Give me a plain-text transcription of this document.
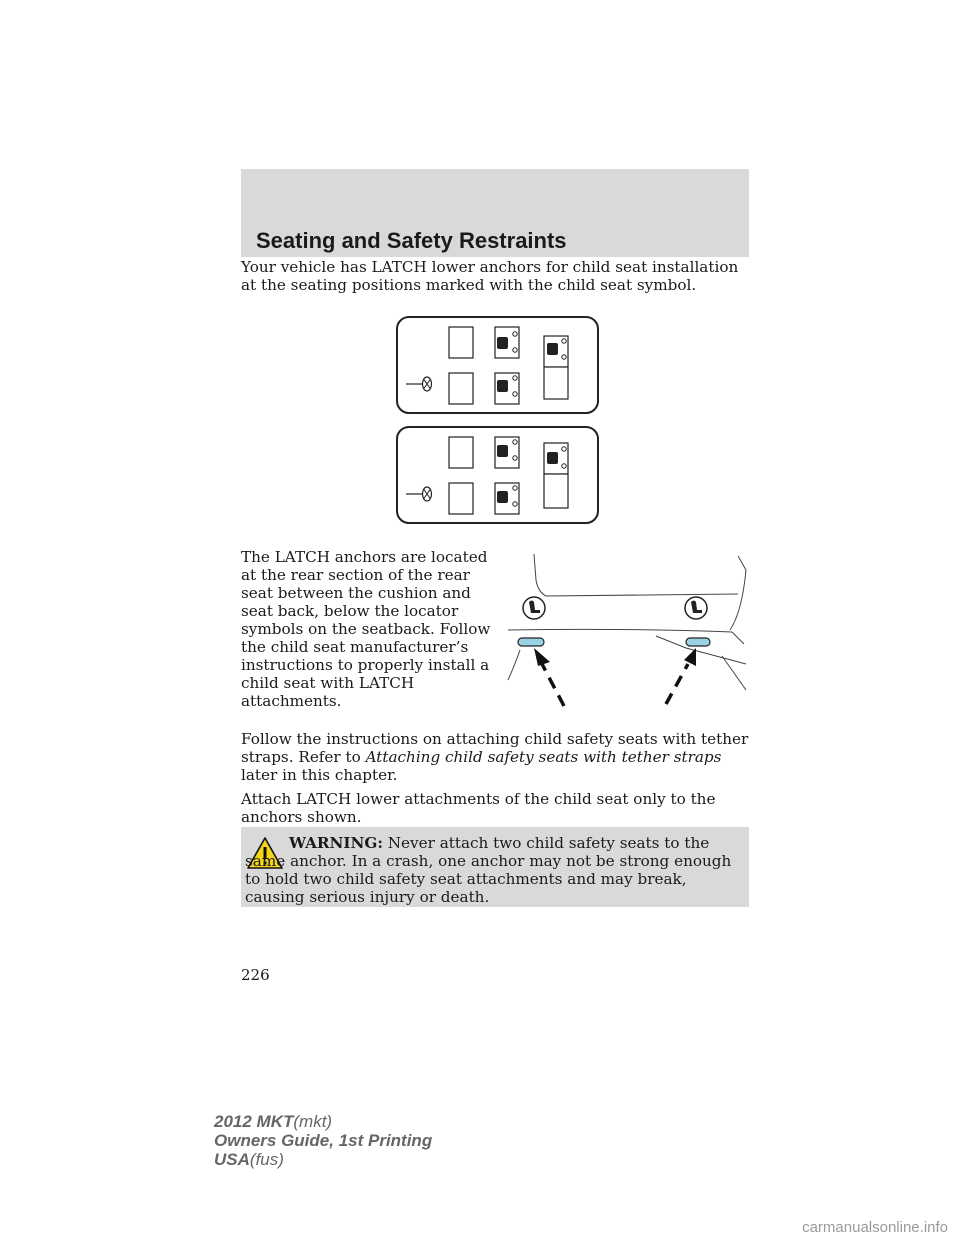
Seating and Safety Restraints

Your vehicle has LATCH lower anchors for child seat installation at the seating positions marked with the child seat symbol.

The LATCH anchors are located at the rear section of the rear seat between the cushion and seat back, below the locator symbols on the seatback. Follow the child seat manufacturer’s instructions to properly install a child seat with LATCH attachments.

Follow the instructions on attaching child safety seats with tether straps. Refer to Attaching child safety seats with tether straps later in this chapter.

Attach LATCH lower attachments of the child seat only to the anchors shown.

WARNING: Never attach two child safety seats to the same anchor. In a crash, one anchor may not be strong enough to hold two child safety seat attachments and may break, causing serious injury or death.

226
2012 MKT(mkt)
Owners Guide, 1st Printing
USA(fus)
carmanualsonline.info
